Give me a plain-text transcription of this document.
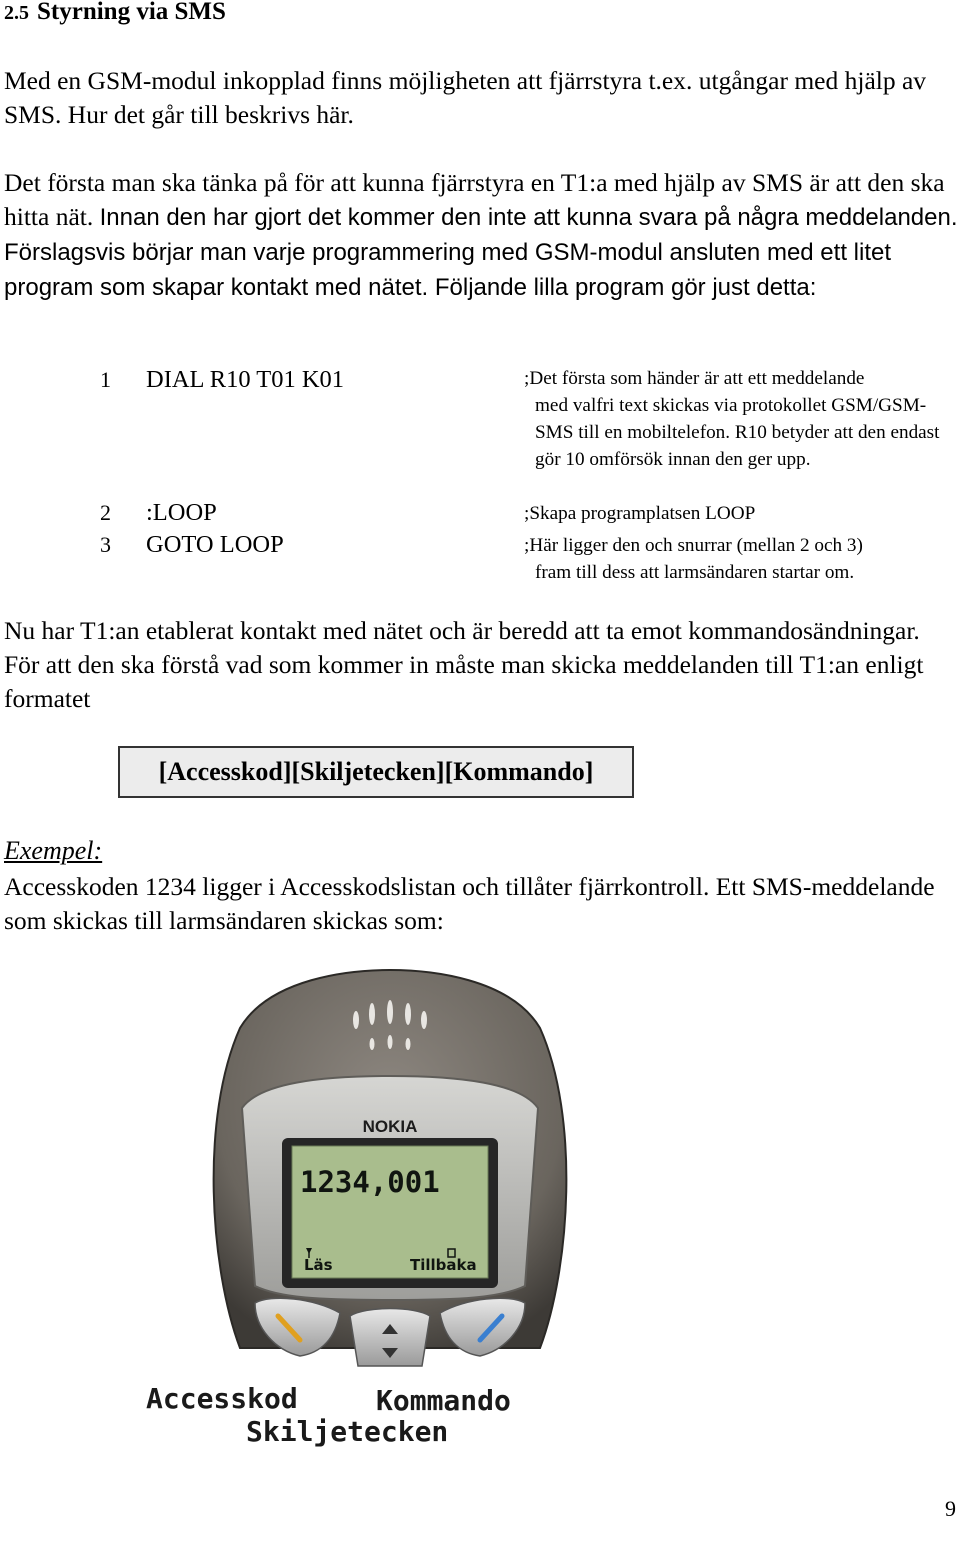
2.5 Styrning via SMS

Med en GSM-modul inkopplad finns möjligheten att fjärrstyra t.ex. utgångar med hjälp av SMS. Hur det går till beskrivs här.

Det första man ska tänka på för att kunna fjärrstyra en T1:a med hjälp av SMS är att den ska hitta nät. Innan den har gjort det kommer den inte att kunna svara på några meddelanden. Förslagsvis börjar man varje programmering med GSM-modul ansluten med ett litet program som skapar kontakt med nätet. Följande lilla program gör just detta:

1 DIAL R10 T01 K01	;Det första som händer är att ett meddelande
med valfri text skickas via protokollet GSM/GSM-SMS till en mobiltelefon. R10 betyder att den endast gör 10 omförsök innan den ger upp.
2 :LOOP	;Skapa programplatsen LOOP
3 GOTO LOOP	;Här ligger den och snurrar (mellan 2 och 3)
fram till dess att larmsändaren startar om.

Nu har T1:an etablerat kontakt med nätet och är beredd att ta emot kommandosändningar. För att den ska förstå vad som kommer in måste man skicka meddelanden till T1:an enligt formatet

[Accesskod][Skiljetecken][Kommando]
Exempel:

Accesskoden 1234 ligger i Accesskodslistan och tillåter fjärrkontroll. Ett SMS-meddelande som skickas till larmsändaren skickas som:

NOKIA
1234,001
Läs	Tillbaka
Accesskod	Kommando
Skiljetecken
9
